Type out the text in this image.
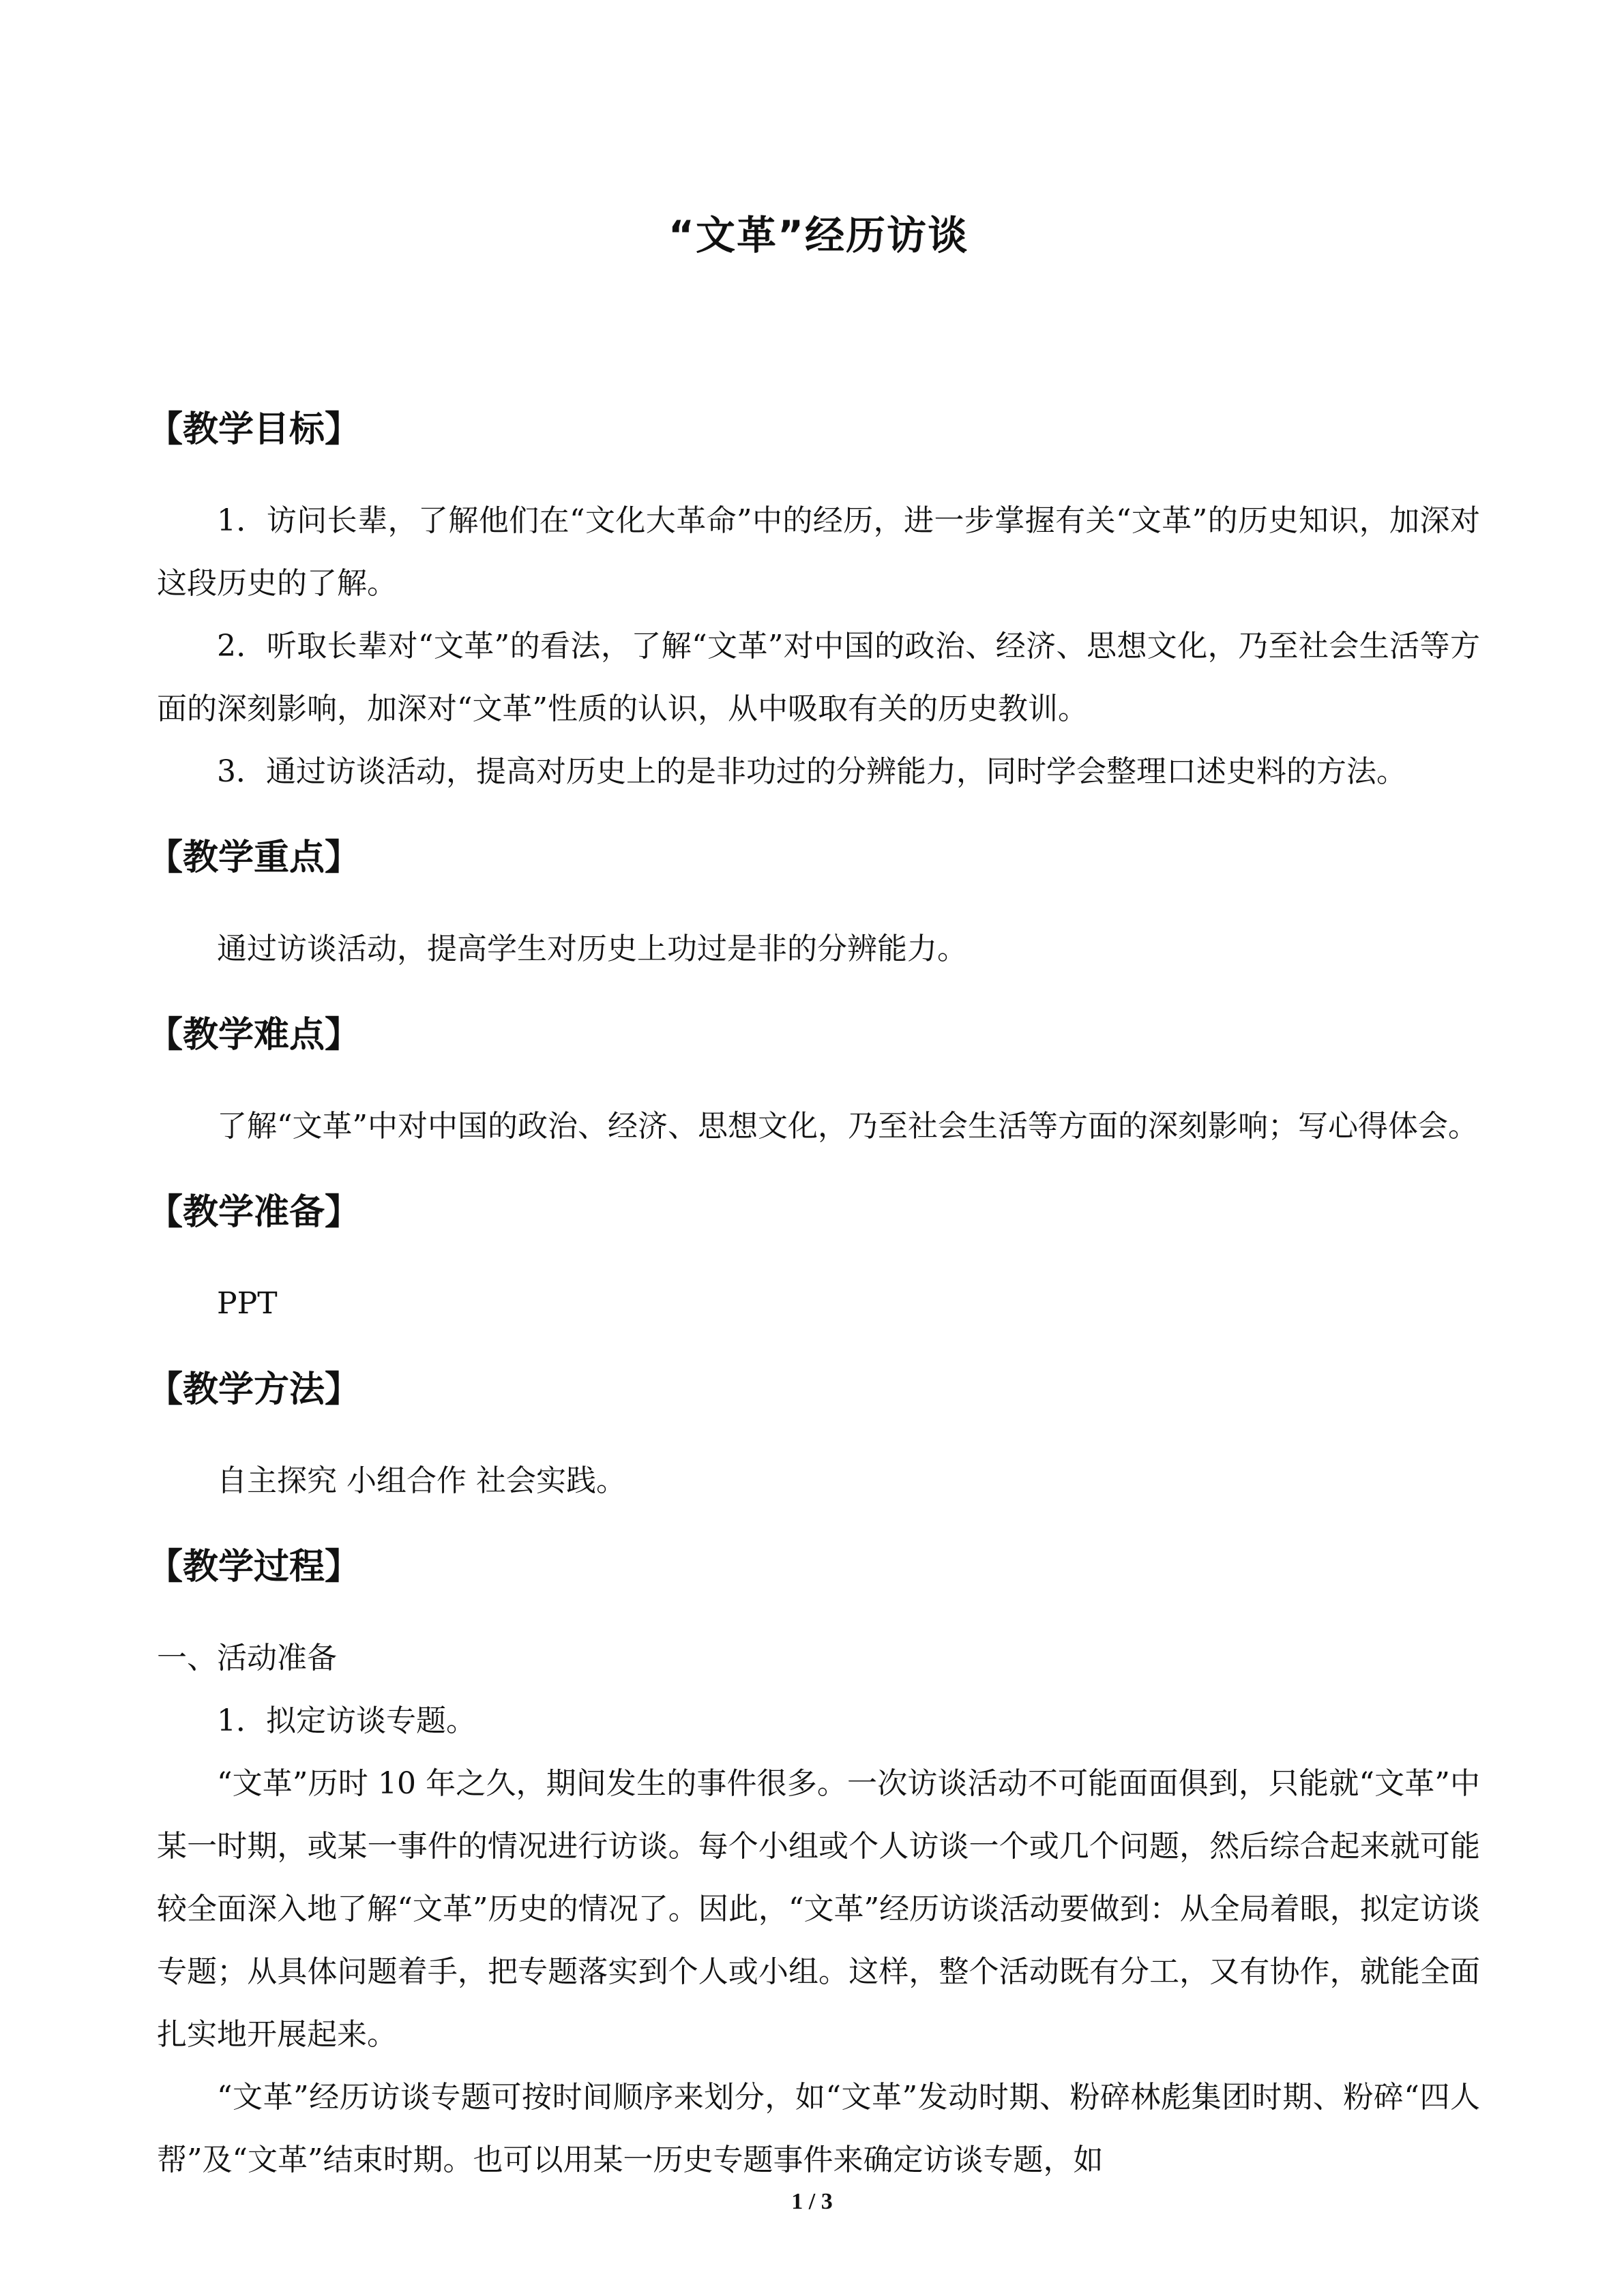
“文革”经历访谈
【教学目标】

1．访问长辈，了解他们在“文化大革命”中的经历，进一步掌握有关“文革”的历史知识，加深对这段历史的了解。

2．听取长辈对“文革”的看法，了解“文革”对中国的政治、经济、思想文化，乃至社会生活等方面的深刻影响，加深对“文革”性质的认识，从中吸取有关的历史教训。

3．通过访谈活动，提高对历史上的是非功过的分辨能力，同时学会整理口述史料的方法。

【教学重点】

通过访谈活动，提高学生对历史上功过是非的分辨能力。

【教学难点】

了解“文革”中对中国的政治、经济、思想文化，乃至社会生活等方面的深刻影响；写心得体会。

【教学准备】

PPT

【教学方法】

自主探究 小组合作 社会实践。

【教学过程】

一、活动准备

1．拟定访谈专题。

“文革”历时 10 年之久，期间发生的事件很多。一次访谈活动不可能面面俱到，只能就“文革”中某一时期，或某一事件的情况进行访谈。每个小组或个人访谈一个或几个问题，然后综合起来就可能较全面深入地了解“文革”历史的情况了。因此，“文革”经历访谈活动要做到：从全局着眼，拟定访谈专题；从具体问题着手，把专题落实到个人或小组。这样，整个活动既有分工，又有协作，就能全面扎实地开展起来。

“文革”经历访谈专题可按时间顺序来划分，如“文革”发动时期、粉碎林彪集团时期、粉碎“四人帮”及“文革”结束时期。也可以用某一历史专题事件来确定访谈专题，如

1 / 3
